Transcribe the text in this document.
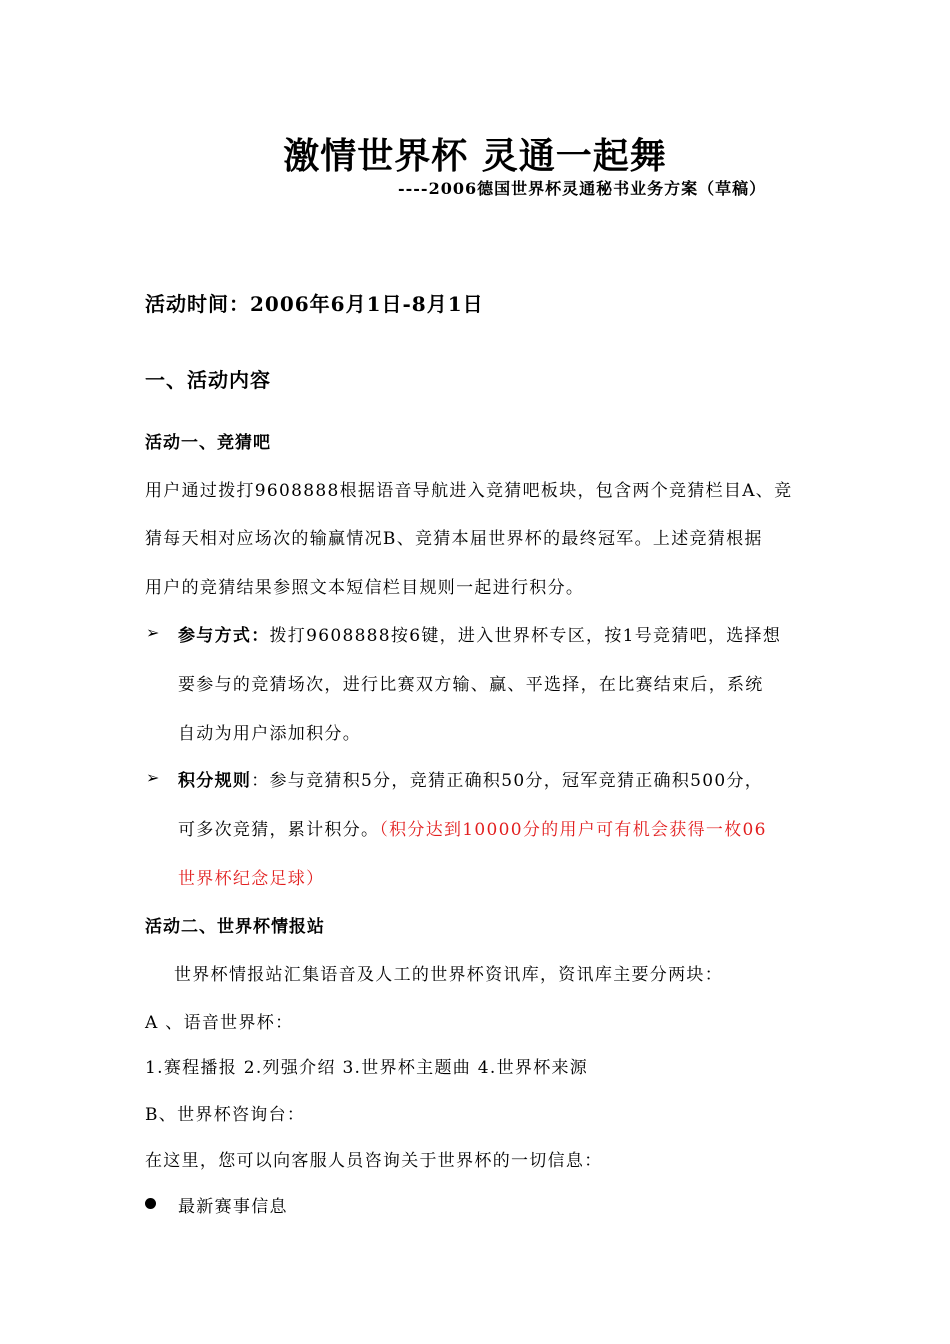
激情世界杯 灵通一起舞
----2006德国世界杯灵通秘书业务方案（草稿）
活动时间：2006年6月1日-8月1日
一、活动内容
活动一、竞猜吧
用户通过拨打9608888根据语音导航进入竞猜吧板块，包含两个竞猜栏目A、竞
猜每天相对应场次的输赢情况B、竞猜本届世界杯的最终冠军。上述竞猜根据
用户的竞猜结果参照文本短信栏目规则一起进行积分。
➢ 参与方式：拨打9608888按6键，进入世界杯专区，按1号竞猜吧，选择想
要参与的竞猜场次，进行比赛双方输、赢、平选择，在比赛结束后，系统
自动为用户添加积分。
➢ 积分规则：参与竞猜积5分，竞猜正确积50分，冠军竞猜正确积500分，
可多次竞猜，累计积分。（积分达到10000分的用户可有机会获得一枚06
世界杯纪念足球）
活动二、世界杯情报站
世界杯情报站汇集语音及人工的世界杯资讯库，资讯库主要分两块：
A 、语音世界杯：
1.赛程播报 2.列强介绍 3.世界杯主题曲 4.世界杯来源
B、世界杯咨询台：
在这里，您可以向客服人员咨询关于世界杯的一切信息：
最新赛事信息
